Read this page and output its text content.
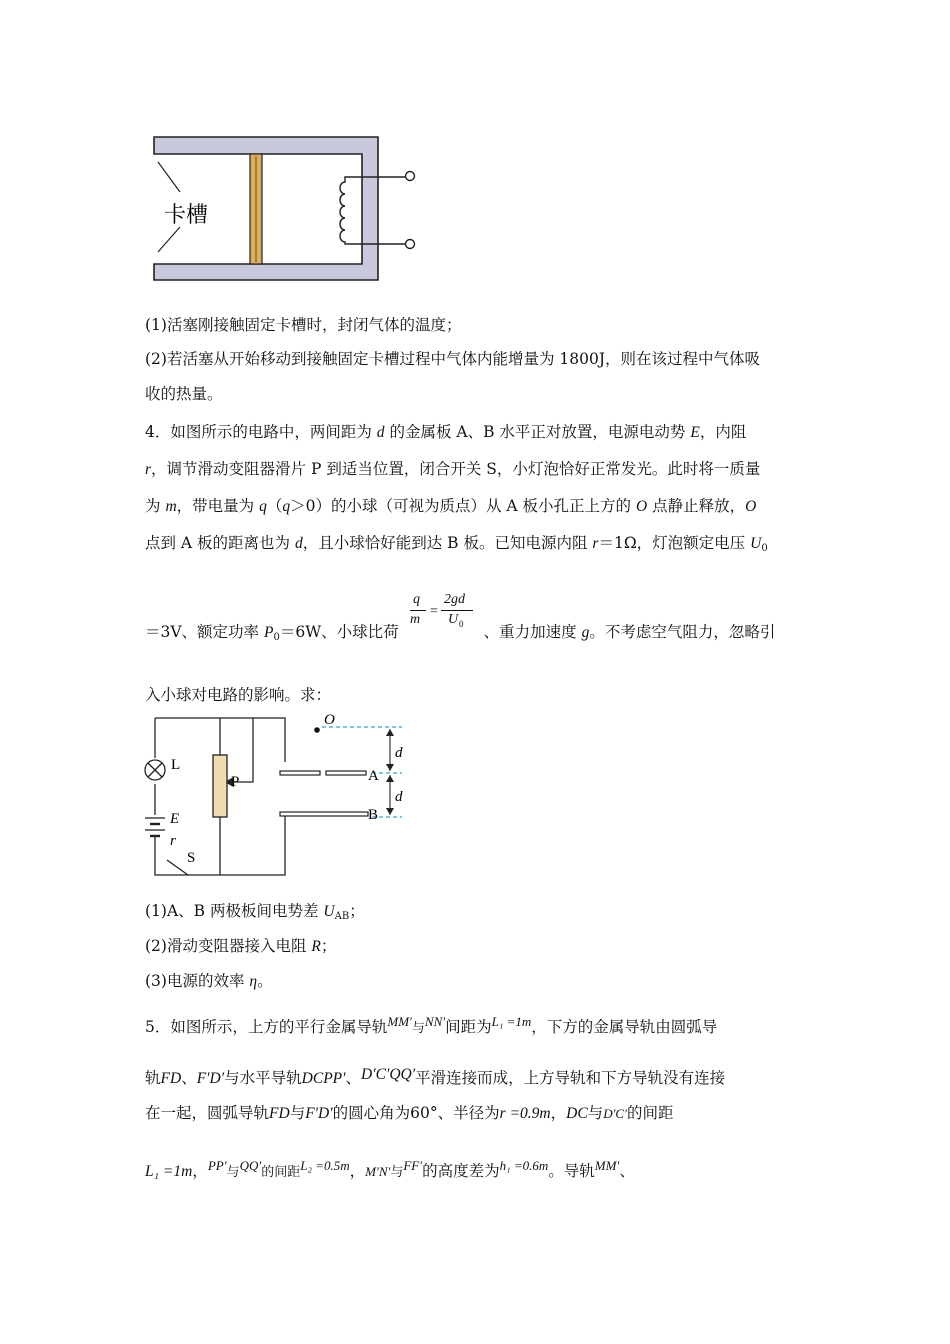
卡槽
(1)活塞刚接触固定卡槽时，封闭气体的温度；
(2)若活塞从开始移动到接触固定卡槽过程中气体内能增量为 1800J，则在该过程中气体吸
收的热量。
4．如图所示的电路中，两间距为 d 的金属板 A、B 水平正对放置，电源电动势 E，内阻
r，调节滑动变阻器滑片 P 到适当位置，闭合开关 S，小灯泡恰好正常发光。此时将一质量
为 m，带电量为 q（q＞0）的小球（可视为质点）从 A 板小孔正上方的 O 点静止释放，O
点到 A 板的距离也为 d，且小球恰好能到达 B 板。已知电源内阻 r＝1Ω，灯泡额定电压 $U_0$
q
m
=
2gd
U 0
＝3V、额定功率 $P_0=6W$、小球比荷	、重力加速度 g。不考虑空气阻力，忽略引
入小球对电路的影响。求：
L
P
E
r
S
O
A
B
d
d
(1)A、B 两极板间电势差 $U_{AB}$；
(2)滑动变阻器接入电阻 R；
(3)电源的效率 η。
5．如图所示，上方的平行金属导轨$^{MM'}$与$^{NN'}$间距为$^{L_1 =1m}$，下方的金属导轨由圆弧导
轨FD、F′D′与水平导轨DCPP′、D′C′QQ′平滑连接而成，上方导轨和下方导轨没有连接
在一起，圆弧导轨FD与F′D′的圆心角为60°、半径为r =0.9m，DC与D′C′的间距
L₁ =1m，$^{PP'}$与$^{QQ'}$的间距$^{L_2 =0.5m}$，M′N′与$^{FF'}$的高度差为$^{h_1 =0.6m}$。导轨$^{MM'}$、
